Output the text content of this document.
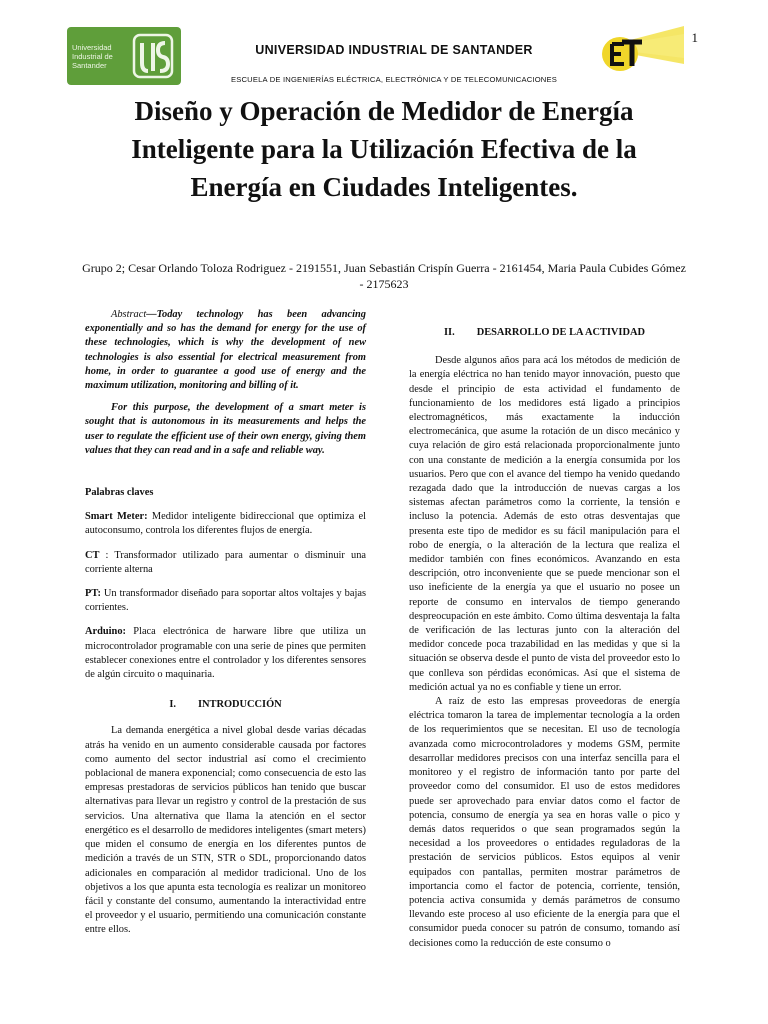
1
Universidad Industrial de Santander
UNIVERSIDAD INDUSTRIAL DE SANTANDER
ESCUELA DE INGENIERÍAS ELÉCTRICA, ELECTRÓNICA Y DE TELECOMUNICACIONES
Diseño y Operación de Medidor de Energía Inteligente para la Utilización Efectiva de la Energía en Ciudades Inteligentes.
Grupo 2; Cesar Orlando Toloza Rodriguez - 2191551, Juan Sebastián Crispín Guerra - 2161454, Maria Paula Cubides Gómez - 2175623

Abstract—Today technology has been advancing exponentially and so has the demand for energy for the use of these technologies, which is why the development of new technologies is also essential for electrical measurement from home, in order to guarantee a good use of energy and the maximum utilization, monitoring and billing of it.

For this purpose, the development of a smart meter is sought that is autonomous in its measurements and helps the user to regulate the efficient use of their own energy, giving them values that they can read and in a safe and reliable way.

Palabras claves

Smart Meter: Medidor inteligente bidireccional que optimiza el autoconsumo, controla los diferentes flujos de energía.

CT : Transformador utilizado para aumentar o disminuir una corriente alterna

PT: Un transformador diseñado para soportar altos voltajes y bajas corrientes.

Arduino: Placa electrónica de harware libre que utiliza un microcontrolador programable con una serie de pines que permiten establecer conexiones entre el controlador y los diferentes sensores de algún circuito o maquinaria.

I. INTRODUCCIÓN

La demanda energética a nivel global desde varias décadas atrás ha venido en un aumento considerable causada por factores como aumento del sector industrial así como el crecimiento poblacional de manera exponencial; como consecuencia de esto las empresas prestadoras de servicios públicos han tenido que buscar alternativas para llevar un registro y control de la prestación de sus servicios. Una alternativa que llama la atención en el sector energético es el desarrollo de medidores inteligentes (smart meters) que miden el consumo de energía en los diferentes puntos de medición a través de un STN, STR o SDL, proporcionando datos adicionales en comparación al medidor tradicional. Uno de los objetivos a los que apunta esta tecnología es realizar un monitoreo fácil y constante del consumo, aumentando la interactividad entre el proveedor y el usuario, permitiendo una comunicación constante entre ellos.

II. DESARROLLO DE LA ACTIVIDAD

Desde algunos años para acá los métodos de medición de la energía eléctrica no han tenido mayor innovación, puesto que desde el principio de esta actividad el fundamento de funcionamiento de los medidores está ligado a principios electromagnéticos, más exactamente la inducción electromecánica, que asume la rotación de un disco mecánico y cuya relación de giro está relacionada proporcionalmente junto con una constante de medición a la energía consumida por los usuarios. Pero que con el avance del tiempo ha venido quedando rezagada dado que la introducción de nuevas cargas a los sistemas afectan parámetros como la corriente, la tensión e incluso la potencia. Además de esto otras desventajas que presenta este tipo de medidor es su fácil manipulación para el robo de energía, o la alteración de la lectura que realiza el medidor también con fines económicos. Avanzando en esta descripción, otro inconveniente que se puede mencionar son el uso ineficiente de la energía ya que el usuario no posee un reporte de consumo en intervalos de tiempo generando despreocupación en este ámbito. Como última desventaja la falta de verificación de las lecturas junto con la alteración del medidor concede poca trazabilidad en las medidas y que si la situación se observa desde el punto de vista del proveedor esto lo que conlleva son pérdidas económicas. Así que el sistema de medición actual ya no es confiable y tiene un error.

A raíz de esto las empresas proveedoras de energía eléctrica tomaron la tarea de implementar tecnología a la orden de los requerimientos que se necesitan. El uso de tecnología avanzada como microcontroladores y modems GSM, permite desarrollar medidores precisos con una interfaz sencilla para el monitoreo y el registro de información tanto por parte del proveedor como del consumidor. El uso de estos medidores puede ser aprovechado para enviar datos como el factor de potencia, consumo de energía ya sea en horas valle o pico y demás datos requeridos o que sean programados según la necesidad a los proveedores o entidades reguladoras de la prestación de servicios públicos. Estos equipos al venir equipados con pantallas, permiten mostrar parámetros de importancia como el factor de potencia, corriente, tensión, potencia activa consumida y demás parámetros de consumo llevando este proceso al uso eficiente de la energía para que el consumidor pueda conocer su patrón de consumo, tomando así decisiones como la reducción de este consumo o
